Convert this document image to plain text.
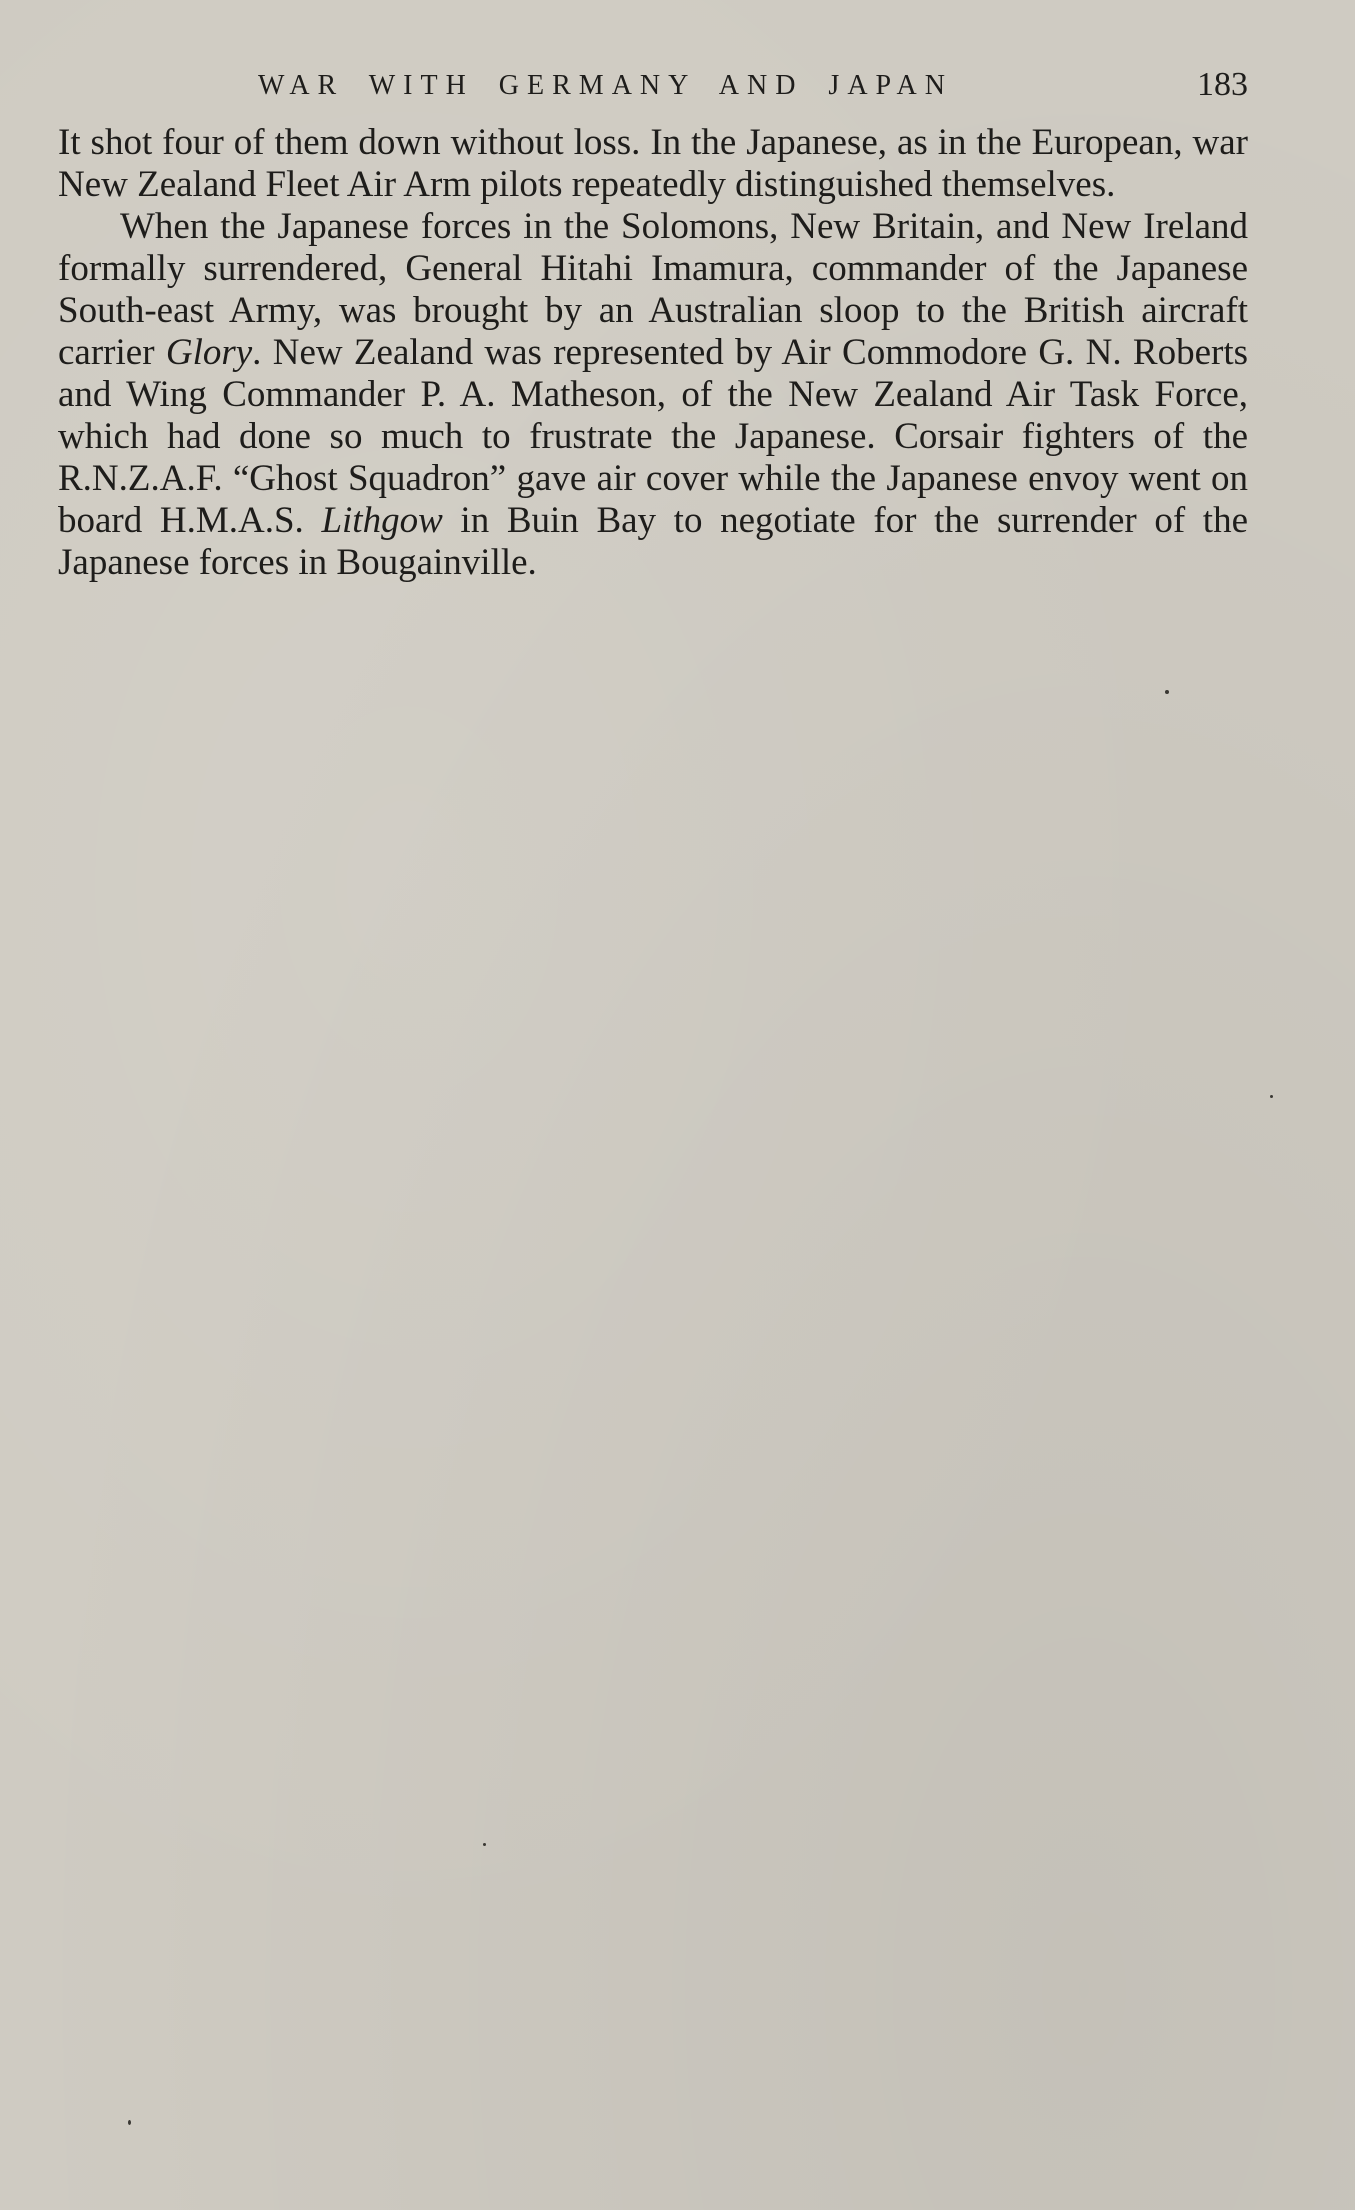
WAR WITH GERMANY AND JAPAN	183

It shot four of them down without loss. In the Japanese, as in the European, war New Zealand Fleet Air Arm pilots repeatedly distinguished themselves.

When the Japanese forces in the Solomons, New Britain, and New Ireland formally surrendered, General Hitahi Imamura, commander of the Japanese South-east Army, was brought by an Australian sloop to the British aircraft carrier Glory. New Zealand was represented by Air Commodore G. N. Roberts and Wing Commander P. A. Matheson, of the New Zealand Air Task Force, which had done so much to frustrate the Japanese. Corsair fighters of the R.N.Z.A.F. “Ghost Squadron” gave air cover while the Japanese envoy went on board H.M.A.S. Lithgow in Buin Bay to negotiate for the surrender of the Japanese forces in Bougainville.
